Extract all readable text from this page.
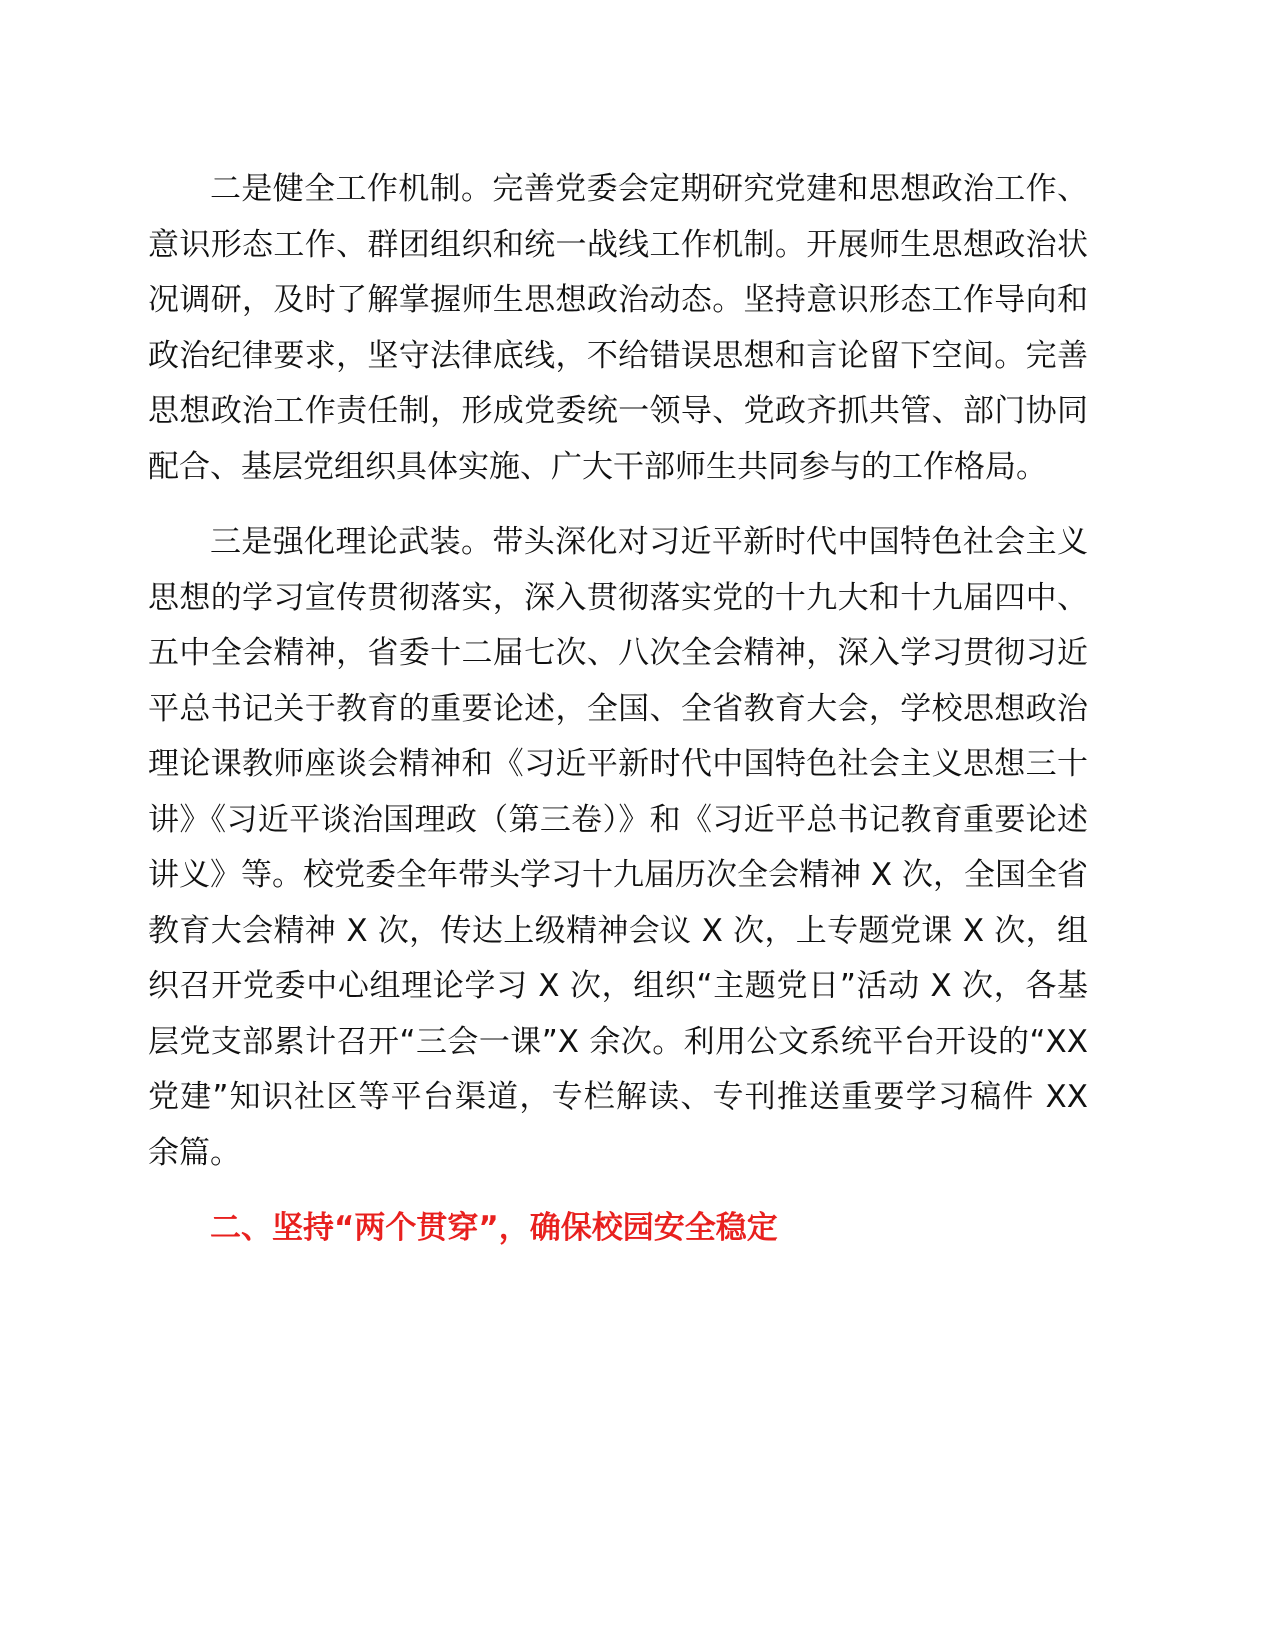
二是健全工作机制。完善党委会定期研究党建和思想政治工作、意识形态工作、群团组织和统一战线工作机制。开展师生思想政治状况调研，及时了解掌握师生思想政治动态。坚持意识形态工作导向和政治纪律要求，坚守法律底线，不给错误思想和言论留下空间。完善思想政治工作责任制，形成党委统一领导、党政齐抓共管、部门协同配合、基层党组织具体实施、广大干部师生共同参与的工作格局。

三是强化理论武装。带头深化对习近平新时代中国特色社会主义思想的学习宣传贯彻落实，深入贯彻落实党的十九大和十九届四中、五中全会精神，省委十二届七次、八次全会精神，深入学习贯彻习近平总书记关于教育的重要论述，全国、全省教育大会，学校思想政治理论课教师座谈会精神和《习近平新时代中国特色社会主义思想三十讲》《习近平谈治国理政（第三卷）》和《习近平总书记教育重要论述讲义》等。校党委全年带头学习十九届历次全会精神 X 次，全国全省教育大会精神 X 次，传达上级精神会议 X 次，上专题党课 X 次，组织召开党委中心组理论学习 X 次，组织“主题党日”活动 X 次，各基层党支部累计召开“三会一课”X 余次。利用公文系统平台开设的“XX 党建”知识社区等平台渠道，专栏解读、专刊推送重要学习稿件 XX 余篇。

二、坚持“两个贯穿”，确保校园安全稳定
